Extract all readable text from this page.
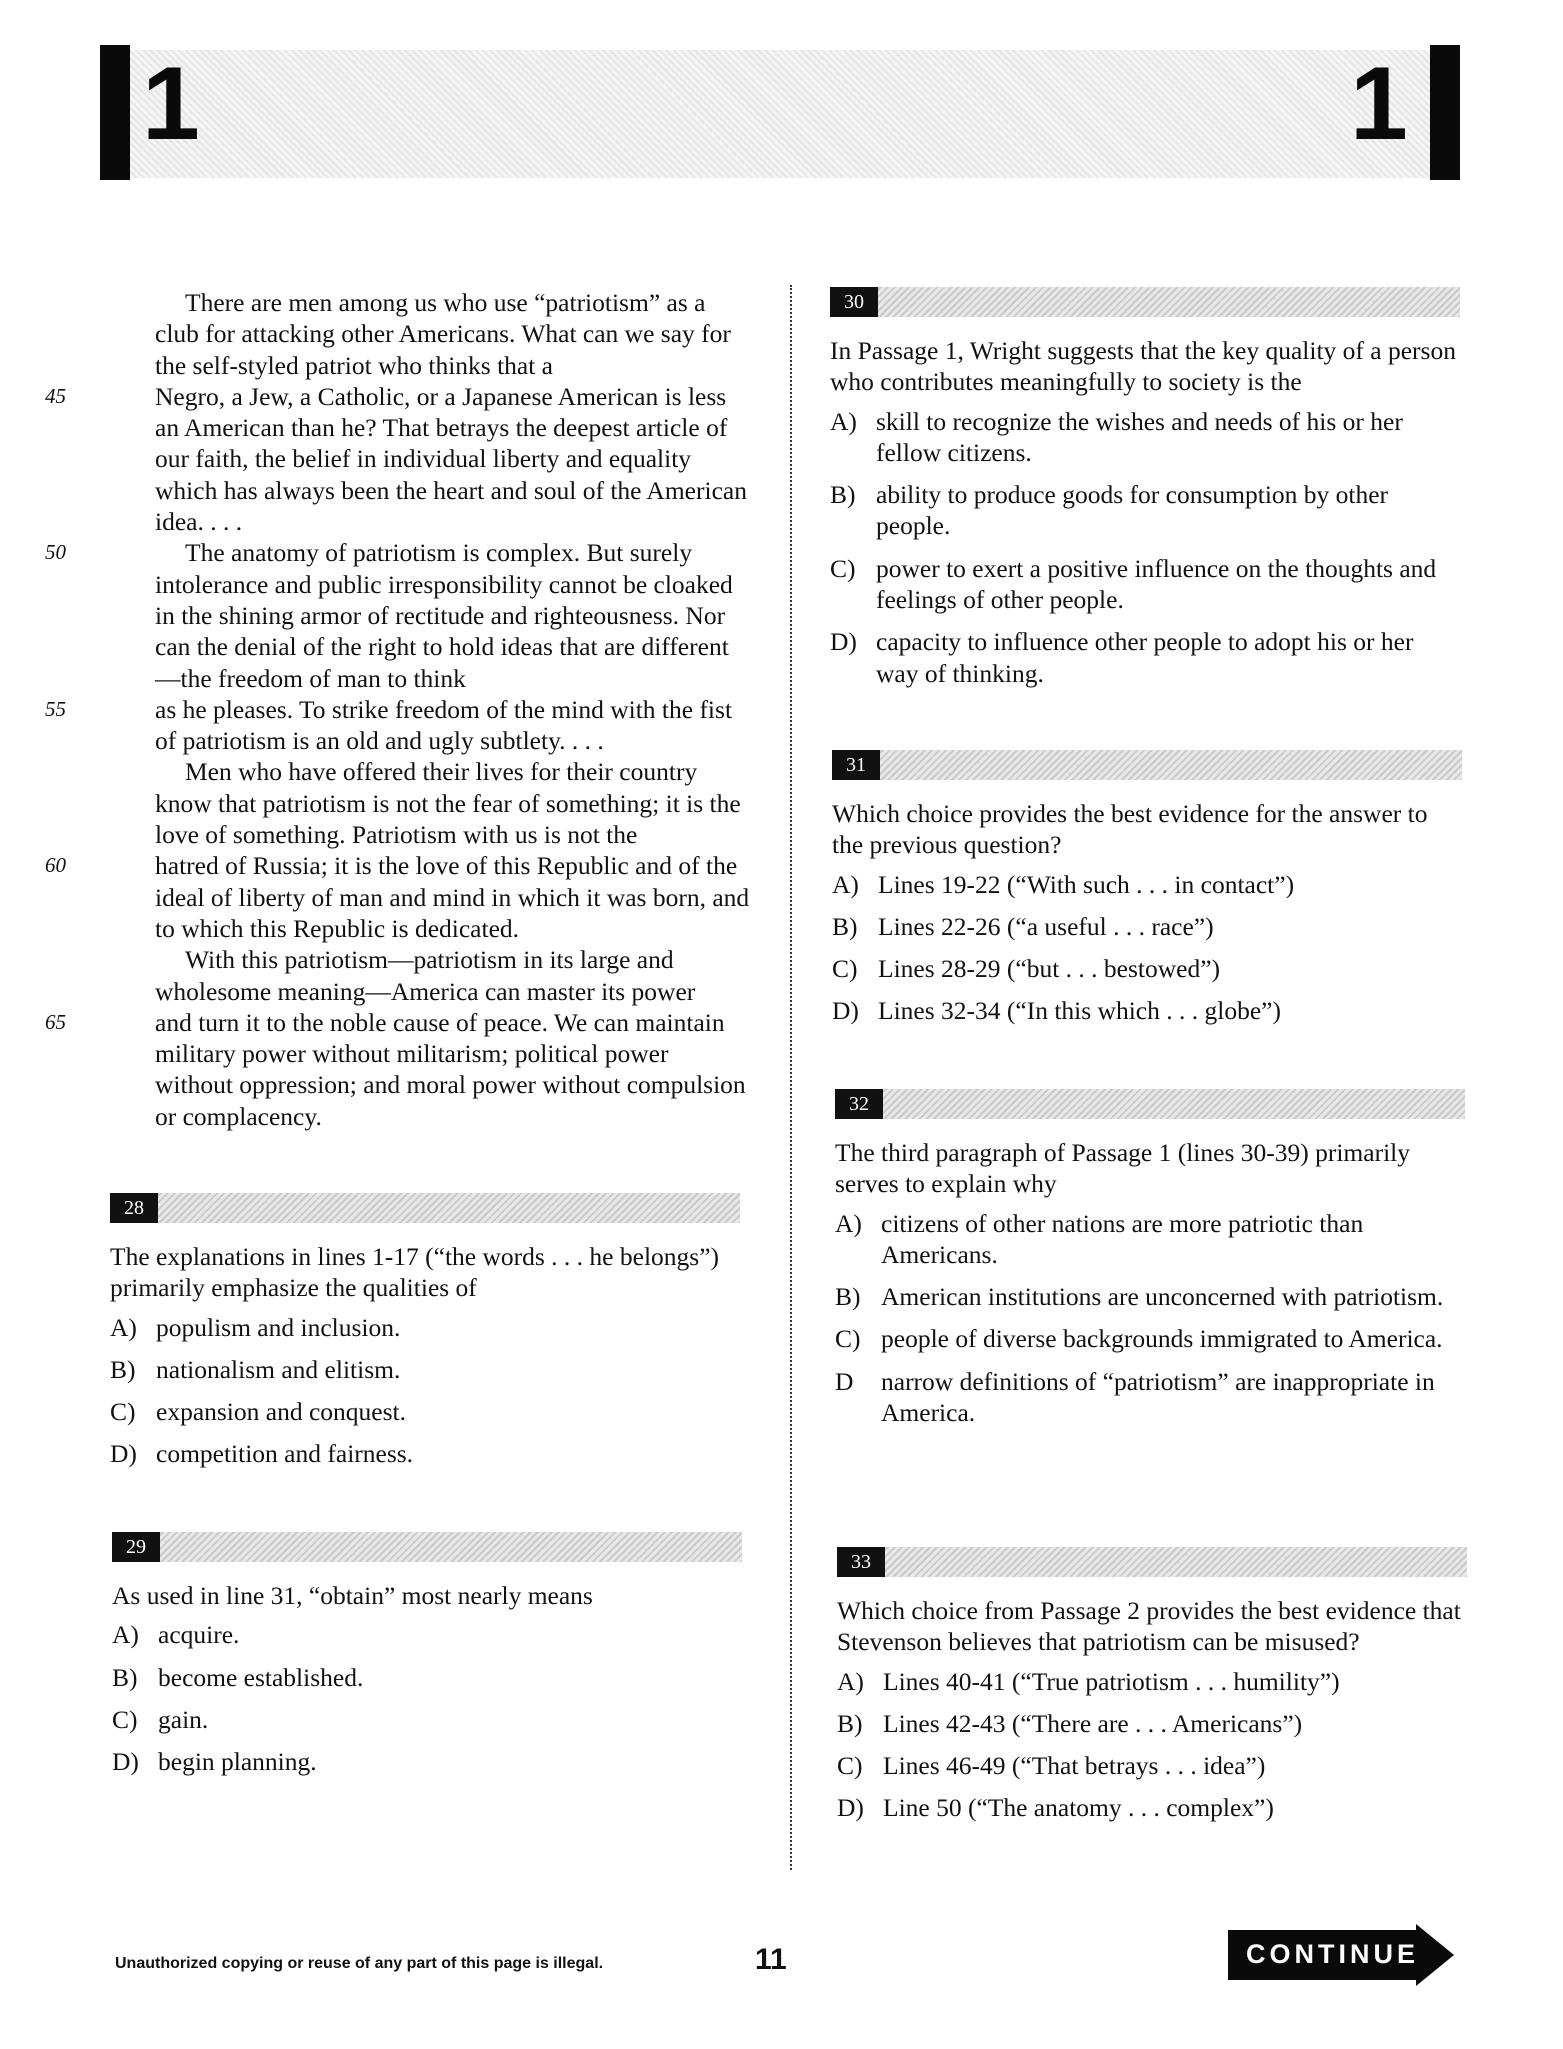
1	1

There are men among us who use “patriotism” as a club for attacking other Americans. What can we say for the self-styled patriot who thinks that a

45	Negro, a Jew, a Catholic, or a Japanese American is less an American than he? That betrays the deepest article of our faith, the belief in individual liberty and equality which has always been the heart and soul of the American idea. . . .

50	The anatomy of patriotism is complex. But surely intolerance and public irresponsibility cannot be cloaked in the shining armor of rectitude and righteousness. Nor can the denial of the right to hold ideas that are different—the freedom of man to think

55	as he pleases. To strike freedom of the mind with the fist of patriotism is an old and ugly subtlety. . . .

Men who have offered their lives for their country know that patriotism is not the fear of something; it is the love of something. Patriotism with us is not the

60	hatred of Russia; it is the love of this Republic and of the ideal of liberty of man and mind in which it was born, and to which this Republic is dedicated.

With this patriotism—patriotism in its large and wholesome meaning—America can master its power

65	and turn it to the noble cause of peace. We can maintain military power without militarism; political power without oppression; and moral power without compulsion or complacency.

28

The explanations in lines 1-17 (“the words . . . he belongs”) primarily emphasize the qualities of

A) populism and inclusion.
B) nationalism and elitism.
C) expansion and conquest.
D) competition and fairness.
29

As used in line 31, “obtain” most nearly means

A) acquire.
B) become established.
C) gain.
D) begin planning.
30

In Passage 1, Wright suggests that the key quality of a person who contributes meaningfully to society is the

A) skill to recognize the wishes and needs of his or her fellow citizens.
B) ability to produce goods for consumption by other people.
C) power to exert a positive influence on the thoughts and feelings of other people.
D) capacity to influence other people to adopt his or her way of thinking.
31

Which choice provides the best evidence for the answer to the previous question?

A) Lines 19-22 (“With such . . . in contact”)
B) Lines 22-26 (“a useful . . . race”)
C) Lines 28-29 (“but . . . bestowed”)
D) Lines 32-34 (“In this which . . . globe”)
32

The third paragraph of Passage 1 (lines 30-39) primarily serves to explain why

A) citizens of other nations are more patriotic than Americans.
B) American institutions are unconcerned with patriotism.
C) people of diverse backgrounds immigrated to America.
D	narrow definitions of “patriotism” are inappropriate in America.
33

Which choice from Passage 2 provides the best evidence that Stevenson believes that patriotism can be misused?

A) Lines 40-41 (“True patriotism . . . humility”)
B) Lines 42-43 (“There are . . . Americans”)
C) Lines 46-49 (“That betrays . . . idea”)
D) Line 50 (“The anatomy . . . complex”)
Unauthorized copying or reuse of any part of this page is illegal.	11	CONTINUE
